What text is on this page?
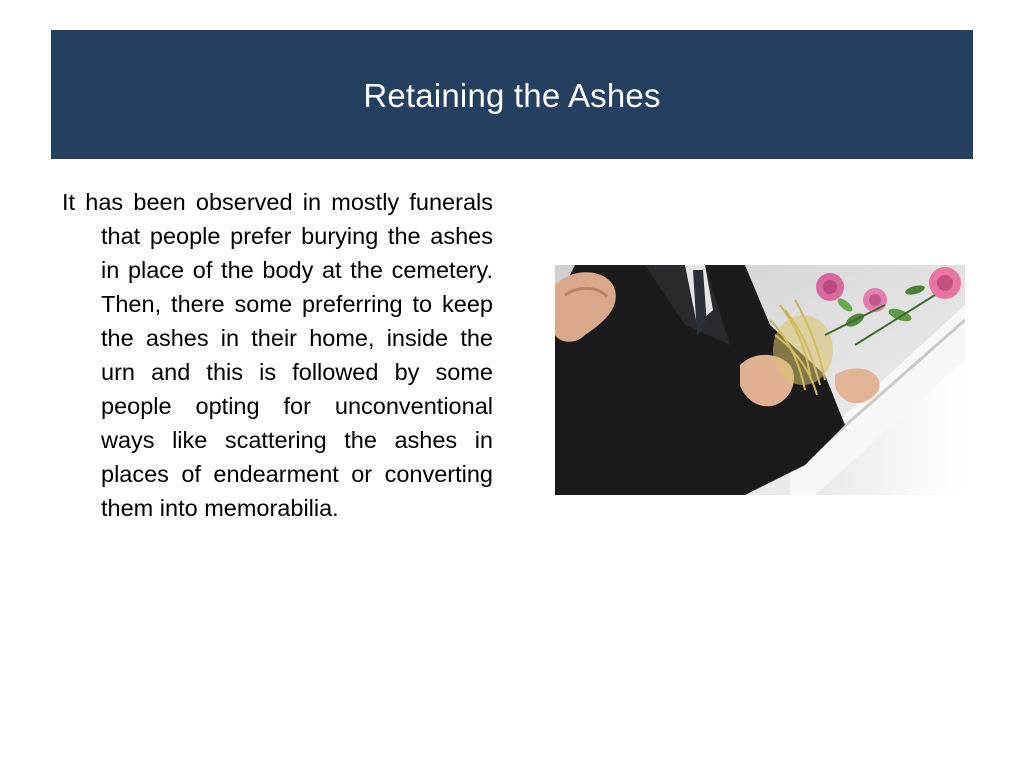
Retaining the Ashes
It has been observed in mostly funerals that people prefer burying the ashes in place of the body at the cemetery. Then, there some preferring to keep the ashes in their home, inside the urn and this is followed by some people opting for unconventional ways like scattering the ashes in places of endearment or converting them into memorabilia.
